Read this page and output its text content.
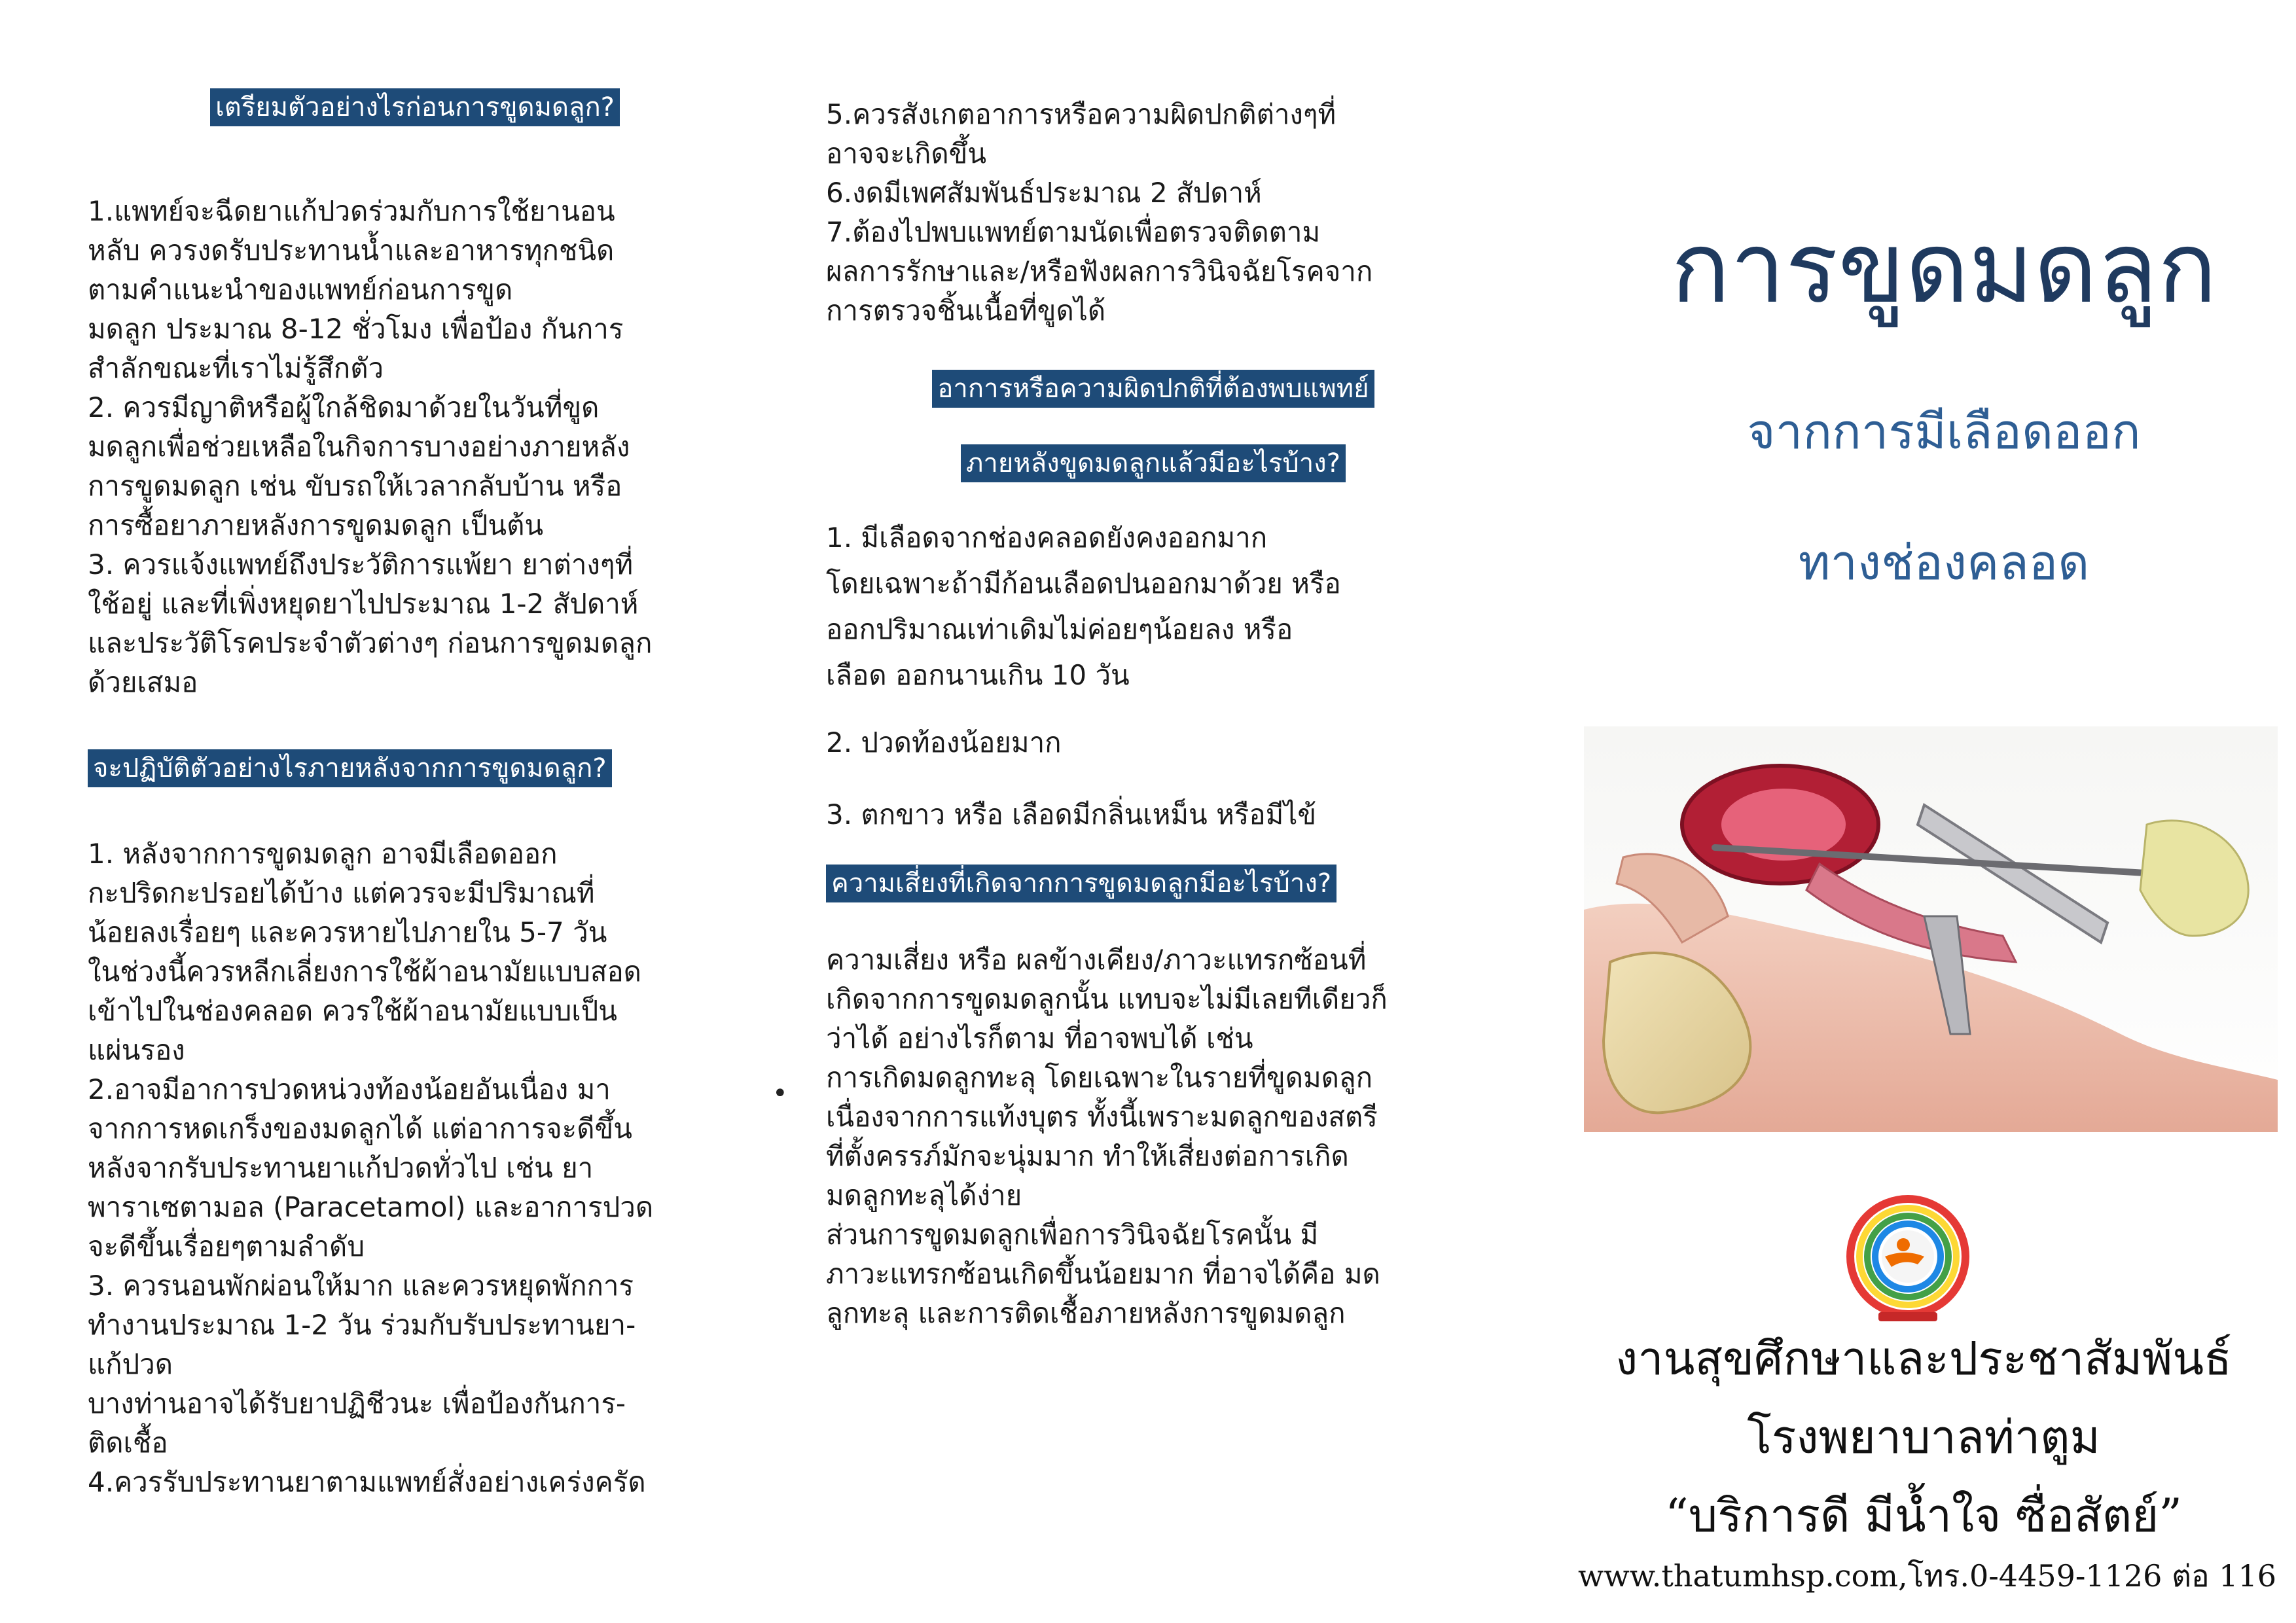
เตรียมตัวอย่างไรก่อนการขูดมดลูก?

1.แพทย์จะฉีดยาแก้ปวดร่วมกับการใช้ยานอน
หลับ ควรงดรับประทานน้ำและอาหารทุกชนิด
ตามคำแนะนำของแพทย์ก่อนการขูด
มดลูก ประมาณ 8-12 ชั่วโมง เพื่อป้อง กันการ
สำลักขณะที่เราไม่รู้สึกตัว
2. ควรมีญาติหรือผู้ใกล้ชิดมาด้วยในวันที่ขูด
มดลูกเพื่อช่วยเหลือในกิจการบางอย่างภายหลัง
การขูดมดลูก เช่น ขับรถให้เวลากลับบ้าน หรือ
การซื้อยาภายหลังการขูดมดลูก เป็นต้น
3. ควรแจ้งแพทย์ถึงประวัติการแพ้ยา ยาต่างๆที่
ใช้อยู่ และที่เพิ่งหยุดยาไปประมาณ 1-2 สัปดาห์
และประวัติโรคประจำตัวต่างๆ ก่อนการขูดมดลูก
ด้วยเสมอ

จะปฏิบัติตัวอย่างไรภายหลังจากการขูดมดลูก?

1. หลังจากการขูดมดลูก อาจมีเลือดออก
กะปริดกะปรอยได้บ้าง แต่ควรจะมีปริมาณที่
น้อยลงเรื่อยๆ และควรหายไปภายใน 5-7 วัน
ในช่วงนี้ควรหลีกเลี่ยงการใช้ผ้าอนามัยแบบสอด
เข้าไปในช่องคลอด ควรใช้ผ้าอนามัยแบบเป็น
แผ่นรอง
2.อาจมีอาการปวดหน่วงท้องน้อยอันเนื่อง มา
จากการหดเกร็งของมดลูกได้ แต่อาการจะดีขึ้น
หลังจากรับประทานยาแก้ปวดทั่วไป เช่น ยา
พาราเซตามอล (Paracetamol) และอาการปวด
จะดีขึ้นเรื่อยๆตามลำดับ
3. ควรนอนพักผ่อนให้มาก และควรหยุดพักการ
ทำงานประมาณ 1-2 วัน ร่วมกับรับประทานยา-
แก้ปวด
บางท่านอาจได้รับยาปฏิชีวนะ เพื่อป้องกันการ-
ติดเชื้อ
4.ควรรับประทานยาตามแพทย์สั่งอย่างเคร่งครัด

5.ควรสังเกตอาการหรือความผิดปกติต่างๆที่
อาจจะเกิดขึ้น
6.งดมีเพศสัมพันธ์ประมาณ 2 สัปดาห์
7.ต้องไปพบแพทย์ตามนัดเพื่อตรวจติดตาม
ผลการรักษาและ/หรือฟังผลการวินิจฉัยโรคจาก
การตรวจชิ้นเนื้อที่ขูดได้

อาการหรือความผิดปกติที่ต้องพบแพทย์
ภายหลังขูดมดลูกแล้วมีอะไรบ้าง?

1. มีเลือดจากช่องคลอดยังคงออกมาก
โดยเฉพาะถ้ามีก้อนเลือดปนออกมาด้วย หรือ
ออกปริมาณเท่าเดิมไม่ค่อยๆน้อยลง หรือ
เลือด ออกนานเกิน 10 วัน

2. ปวดท้องน้อยมาก

3. ตกขาว หรือ เลือดมีกลิ่นเหม็น หรือมีไข้

ความเสี่ยงที่เกิดจากการขูดมดลูกมีอะไรบ้าง?

ความเสี่ยง หรือ ผลข้างเคียง/ภาวะแทรกซ้อนที่
เกิดจากการขูดมดลูกนั้น แทบจะไม่มีเลยทีเดียวก็
ว่าได้ อย่างไรก็ตาม ที่อาจพบได้ เช่น
การเกิดมดลูกทะลุ โดยเฉพาะในรายที่ขูดมดลูก
เนื่องจากการแท้งบุตร ทั้งนี้เพราะมดลูกของสตรี
ที่ตั้งครรภ์มักจะนุ่มมาก ทำให้เสี่ยงต่อการเกิด
มดลูกทะลุได้ง่าย
ส่วนการขูดมดลูกเพื่อการวินิจฉัยโรคนั้น มี
ภาวะแทรกซ้อนเกิดขึ้นน้อยมาก ที่อาจได้คือ มด
ลูกทะลุ และการติดเชื้อภายหลังการขูดมดลูก

•
การขูดมดลูก
จากการมีเลือดออก
ทางช่องคลอด
งานสุขศึกษาและประชาสัมพันธ์
โรงพยาบาลท่าตูม
“บริการดี มีน้ำใจ ซื่อสัตย์”
www.thatumhsp.com,โทร.0-4459-1126 ต่อ 116
